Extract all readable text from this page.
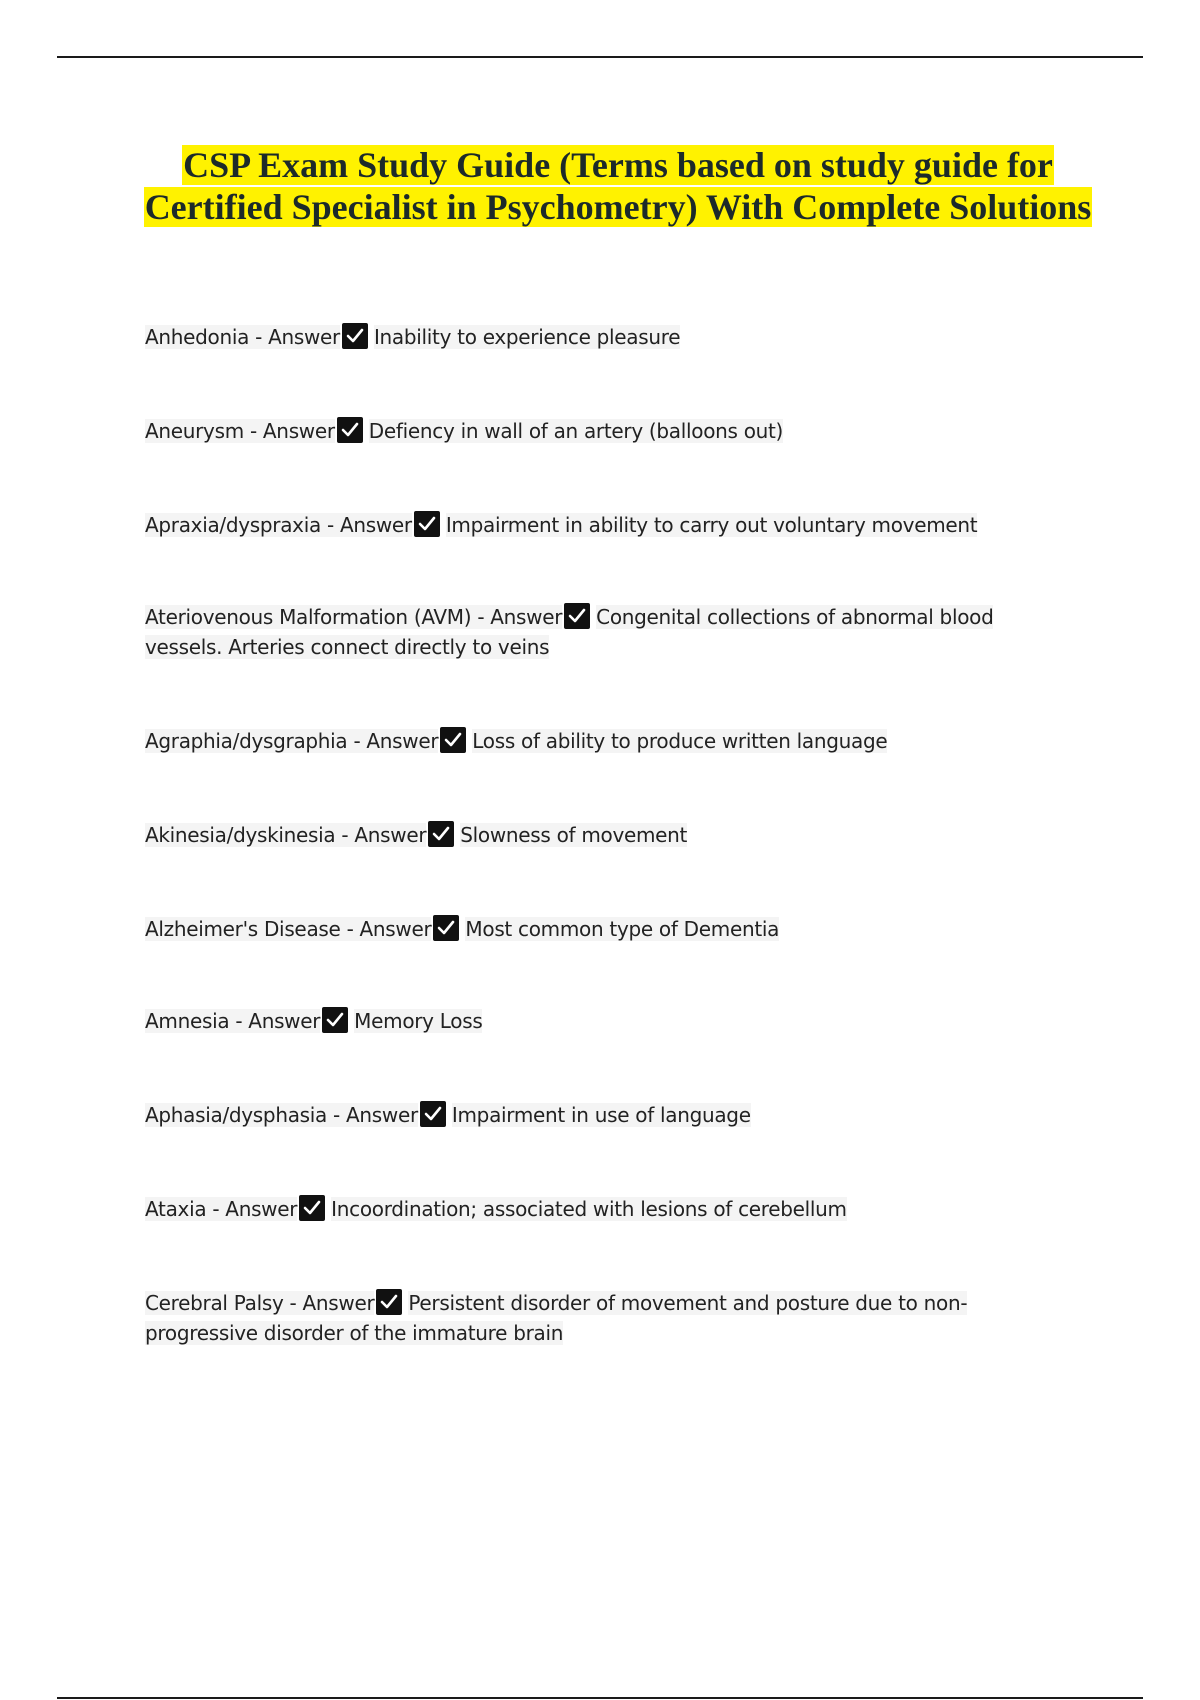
CSP Exam Study Guide (Terms based on study guide for Certified Specialist in Psychometry) With Complete Solutions
Anhedonia - Answer Inability to experience pleasure
Aneurysm - Answer Defiency in wall of an artery (balloons out)
Apraxia/dyspraxia - Answer Impairment in ability to carry out voluntary movement
Ateriovenous Malformation (AVM) - Answer Congenital collections of abnormal blood vessels. Arteries connect directly to veins
Agraphia/dysgraphia - Answer Loss of ability to produce written language
Akinesia/dyskinesia - Answer Slowness of movement
Alzheimer's Disease - Answer Most common type of Dementia
Amnesia - Answer Memory Loss
Aphasia/dysphasia - Answer Impairment in use of language
Ataxia - Answer Incoordination; associated with lesions of cerebellum
Cerebral Palsy - Answer Persistent disorder of movement and posture due to non-progressive disorder of the immature brain
